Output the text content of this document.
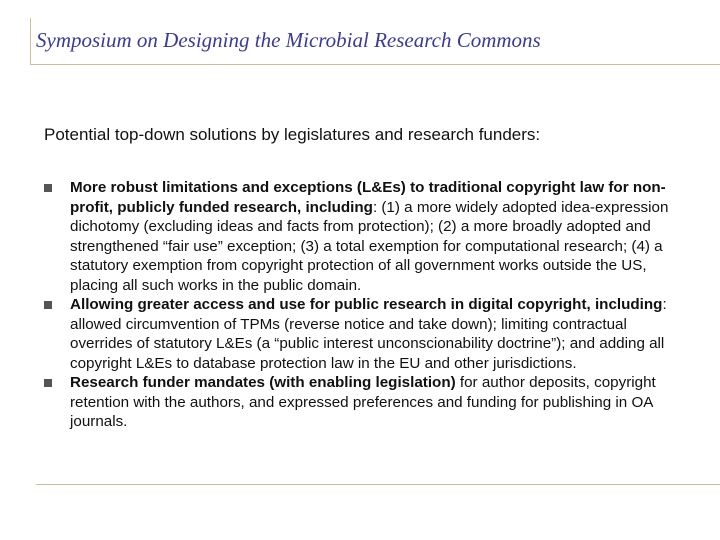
Symposium on Designing the Microbial Research Commons
Potential top-down solutions by legislatures and research funders:
More robust limitations and exceptions (L&Es) to traditional copyright law for non-profit, publicly funded research, including: (1) a more widely adopted idea-expression dichotomy (excluding ideas and facts from protection); (2) a more broadly adopted and strengthened “fair use” exception; (3) a total exemption for computational research; (4) a statutory exemption from copyright protection of all government works outside the US, placing all such works in the public domain.
Allowing greater access and use for public research in digital copyright, including: allowed circumvention of TPMs (reverse notice and take down); limiting contractual overrides of statutory L&Es (a “public interest unconscionability doctrine”); and adding all copyright L&Es to database protection law in the EU and other jurisdictions.
Research funder mandates (with enabling legislation) for author deposits, copyright retention with the authors, and expressed preferences and funding for publishing in OA journals.
